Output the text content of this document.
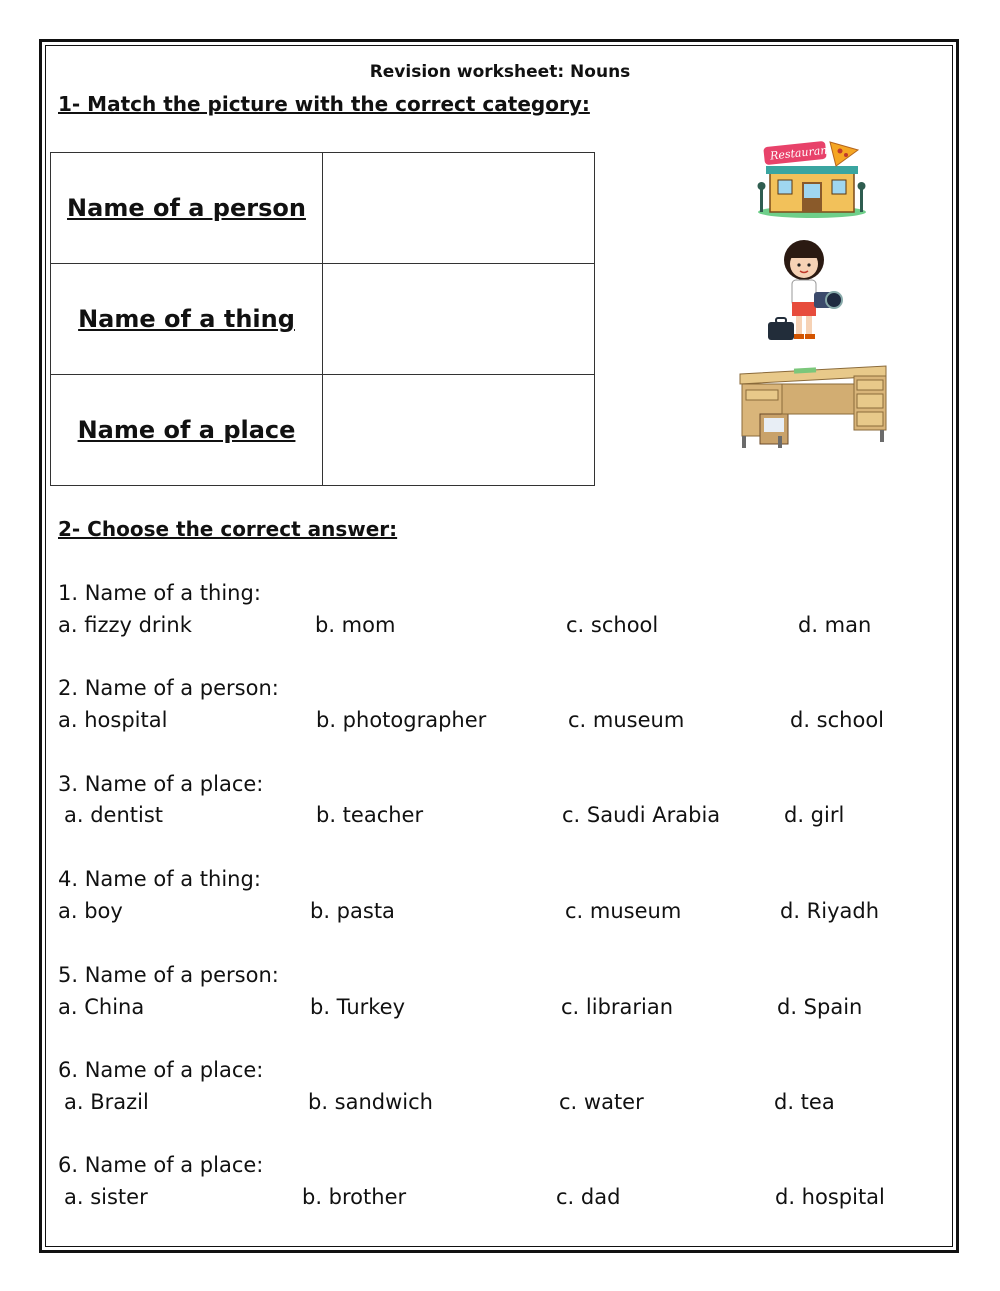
Revision worksheet: Nouns
1- Match the picture with the correct category:
Name of a person	
Name of a thing	
Name of a place	
Restaurant
2- Choose the correct answer:
1. Name of a thing:
a. fizzy drink	b. mom	c. school	d. man
2. Name of a person:
a. hospital	b. photographer	c. museum	d. school
3. Name of a place:
a. dentist	b. teacher	c. Saudi Arabia	d. girl
4. Name of a thing:
a. boy	b. pasta	c. museum	d. Riyadh
5. Name of a person:
a. China	b. Turkey	c. librarian	d. Spain
6. Name of a place:
a. Brazil	b. sandwich	c. water	d. tea
6. Name of a place:
a. sister	b. brother	c. dad	d. hospital
